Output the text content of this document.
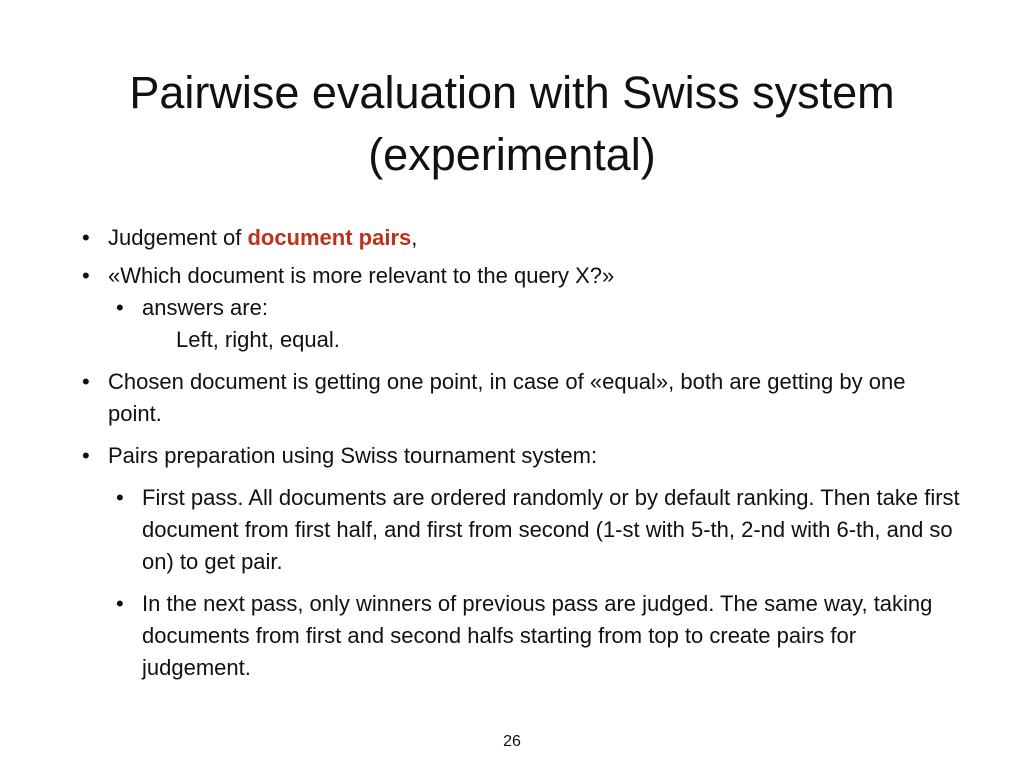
Pairwise evaluation with Swiss system
(experimental)
• Judgement of document pairs,
• «Which document is more relevant to the query X?»
• answers are:
Left, right, equal.
• Chosen document is getting one point, in case of «equal», both are getting by one point.
• Pairs preparation using Swiss tournament system:
• First pass. All documents are ordered randomly or by default ranking. Then take first document from first half, and first from second (1-st with 5-th, 2-nd with 6-th, and so on) to get pair.
• In the next pass, only winners of previous pass are judged. The same way, taking documents from first and second halfs starting from top to create pairs for judgement.
26
